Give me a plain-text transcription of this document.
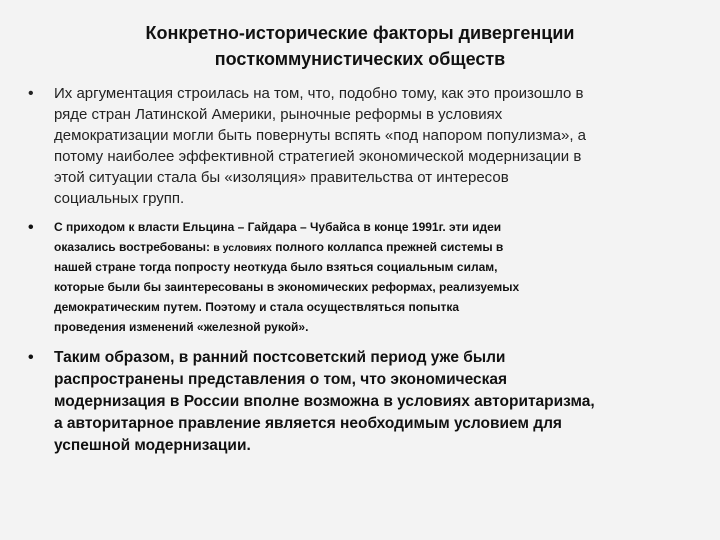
Конкретно-исторические факторы дивергенции
посткоммунистических обществ
• Их аргументация строилась на том, что, подобно тому, как это произошло в
ряде стран Латинской Америки, рыночные реформы в условиях
демократизации могли быть повернуты вспять «под напором популизма», а
потому наиболее эффективной стратегией экономической модернизации в
этой ситуации стала бы «изоляция» правительства от интересов
социальных групп.
• С приходом к власти Ельцина – Гайдара – Чубайса в конце 1991г. эти идеи
оказались востребованы: в условиях полного коллапса прежней системы в
нашей стране тогда попросту неоткуда было взяться социальным силам,
которые были бы заинтересованы в экономических реформах, реализуемых
демократическим путем. Поэтому и стала осуществляться попытка
проведения изменений «железной рукой».
• Таким образом, в ранний постсоветский период уже были
распространены представления о том, что экономическая
модернизация в России вполне возможна в условиях авторитаризма,
а авторитарное правление является необходимым условием для
успешной модернизации.
